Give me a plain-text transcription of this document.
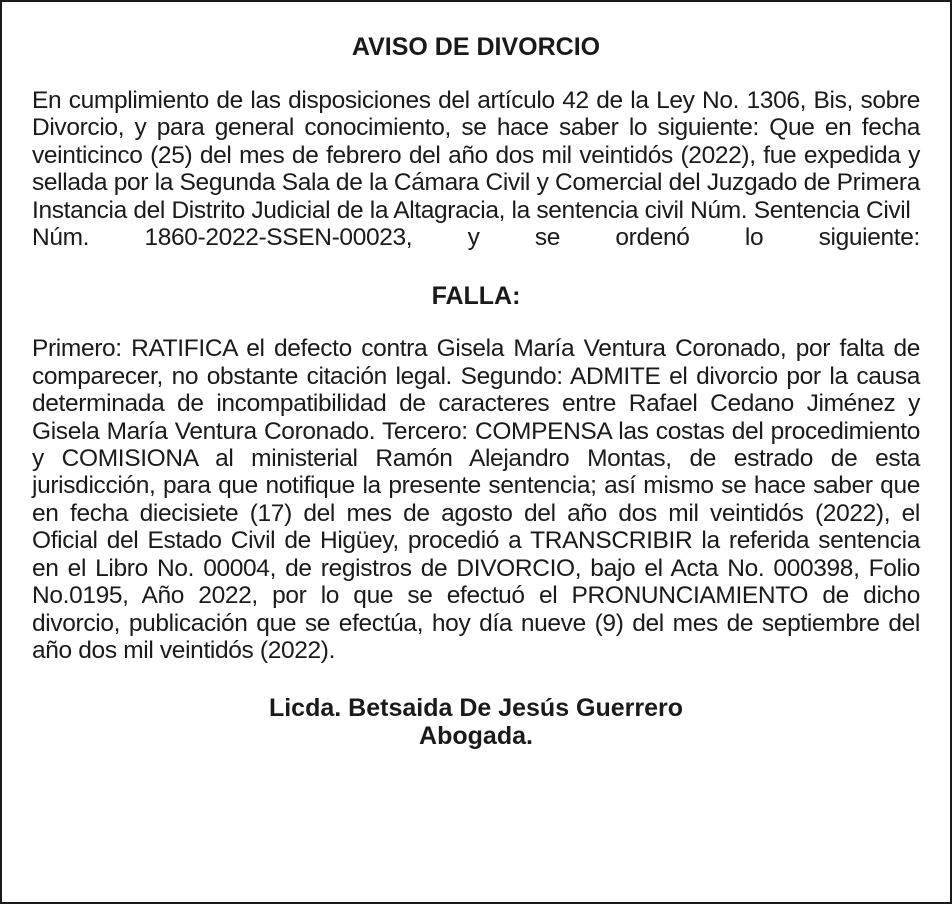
AVISO DE DIVORCIO

En cumplimiento de las disposiciones del artículo 42 de la Ley No. 1306, Bis, sobre Divorcio, y para general conocimiento, se hace saber lo siguiente: Que en fecha veinticinco (25) del mes de febrero del año dos mil veintidós (2022), fue expedida y sellada por la Segunda Sala de la Cámara Civil y Comercial del Juzgado de Primera Instancia del Distrito Judicial de la Altagracia, la sentencia civil Núm. Sentencia Civil
Núm. 1860-2022-SSEN-00023, y se ordenó lo siguiente:

FALLA:

Primero: RATIFICA el defecto contra Gisela María Ventura Coronado, por falta de comparecer, no obstante citación legal. Segundo: ADMITE el divorcio por la causa determinada de incompatibilidad de caracteres entre Rafael Cedano Jiménez y Gisela María Ventura Coronado. Tercero: COMPENSA las costas del procedimiento y COMISIONA al ministerial Ramón Alejandro Montas, de estrado de esta jurisdicción, para que notifique la presente sentencia; así mismo se hace saber que en fecha diecisiete (17) del mes de agosto del año dos mil veintidós (2022), el Oficial del Estado Civil de Higüey, procedió a TRANSCRIBIR la referida sentencia en el Libro No. 00004, de registros de DIVORCIO, bajo el Acta No. 000398, Folio No.0195, Año 2022, por lo que se efectuó el PRONUNCIAMIENTO de dicho divorcio, publicación que se efectúa, hoy día nueve (9) del mes de septiembre del año dos mil veintidós (2022).

Licda. Betsaida De Jesús Guerrero
Abogada.
